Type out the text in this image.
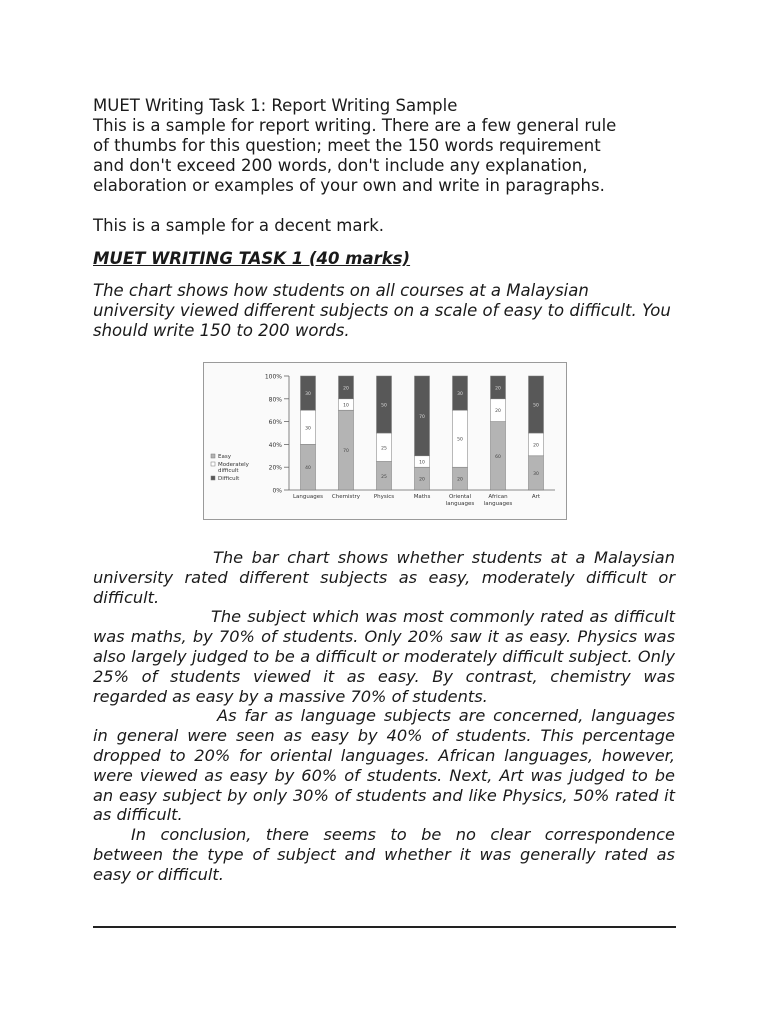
MUET Writing Task 1: Report Writing Sample
This is a sample for report writing. There are a few general rule
of thumbs for this question; meet the 150 words requirement
and don't exceed 200 words, don't include any explanation,
elaboration or examples of your own and write in paragraphs.
This is a sample for a decent mark.
MUET WRITING TASK 1 (40 marks)

The chart shows how students on all courses at a Malaysian university viewed different subjects on a scale of easy to difficult. You should write 150 to 200 words.

0%
20%
40%
60%
80%
100%
40
30
30
Languages
70
10
20
Chemistry
25
25
50
Physics
20
10
70
Maths
20
50
30
Oriental
languages
60
20
20
African
languages
30
20
50
Art
Easy
Moderately
difficult
Difficult

The bar chart shows whether students at a Malaysian university rated different subjects as easy, moderately difficult or difficult.

The subject which was most commonly rated as difficult was maths, by 70% of students. Only 20% saw it as easy. Physics was also largely judged to be a difficult or moderately difficult subject. Only 25% of students viewed it as easy. By contrast, chemistry was regarded as easy by a massive 70% of students.

As far as language subjects are concerned, languages in general were seen as easy by 40% of students. This percentage dropped to 20% for oriental languages. African languages, however, were viewed as easy by 60% of students. Next, Art was judged to be an easy subject by only 30% of students and like Physics, 50% rated it as difficult.

In conclusion, there seems to be no clear correspondence between the type of subject and whether it was generally rated as easy or difficult.
